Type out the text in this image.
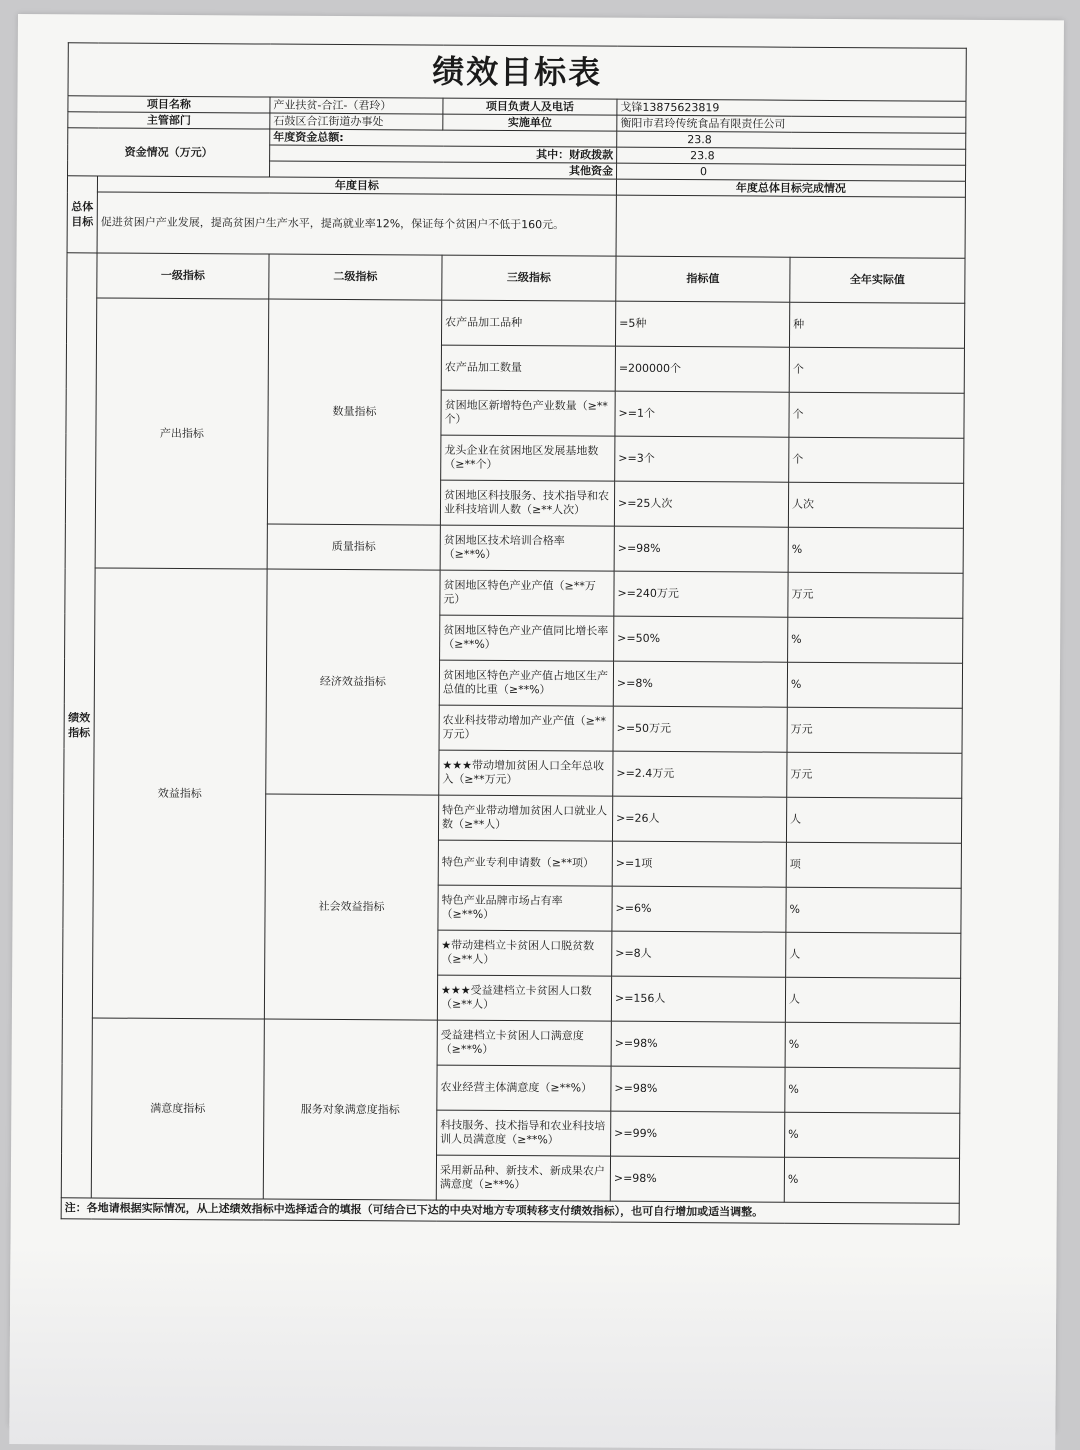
绩效目标表					
项目名称		产业扶贫-合江-（君玲）	项目负责人及电话	戈锋13875623819	
主管部门		石鼓区合江街道办事处	实施单位	衡阳市君玲传统食品有限责任公司	
资金情况（万元）		年度资金总额:		23.8	
		其中：财政拨款		23.8	
		其他资金		0	
总体目标	年度目标			年度总体目标完成情况	
	促进贫困户产业发展，提高贫困户生产水平，提高就业率12%，保证每个贫困户不低于160元。				
绩效指标	一级指标	二级指标	三级指标	指标值	全年实际值
	产出指标	数量指标	农产品加工品种	=5种	种
			农产品加工数量	=200000个	个
			贫困地区新增特色产业数量（≥**个）	>=1个	个
			龙头企业在贫困地区发展基地数（≥**个）	>=3个	个
			贫困地区科技服务、技术指导和农业科技培训人数（≥**人次）	>=25人次	人次
		质量指标	贫困地区技术培训合格率（≥**%）	>=98%	%
	效益指标	经济效益指标	贫困地区特色产业产值（≥**万元）	>=240万元	万元
			贫困地区特色产业产值同比增长率（≥**%）	>=50%	%
			贫困地区特色产业产值占地区生产总值的比重（≥**%）	>=8%	%
			农业科技带动增加产业产值（≥**万元）	>=50万元	万元
			★★★带动增加贫困人口全年总收入（≥**万元）	>=2.4万元	万元
		社会效益指标	特色产业带动增加贫困人口就业人数（≥**人）	>=26人	人
			特色产业专利申请数（≥**项）	>=1项	项
			特色产业品牌市场占有率（≥**%）	>=6%	%
			★带动建档立卡贫困人口脱贫数（≥**人）	>=8人	人
			★★★受益建档立卡贫困人口数（≥**人）	>=156人	人
	满意度指标	服务对象满意度指标	受益建档立卡贫困人口满意度（≥**%）	>=98%	%
			农业经营主体满意度（≥**%）	>=98%	%
			科技服务、技术指导和农业科技培训人员满意度（≥**%）	>=99%	%
			采用新品种、新技术、新成果农户满意度（≥**%）	>=98%	%
注：各地请根据实际情况，从上述绩效指标中选择适合的填报（可结合已下达的中央对地方专项转移支付绩效指标），也可自行增加或适当调整。					
